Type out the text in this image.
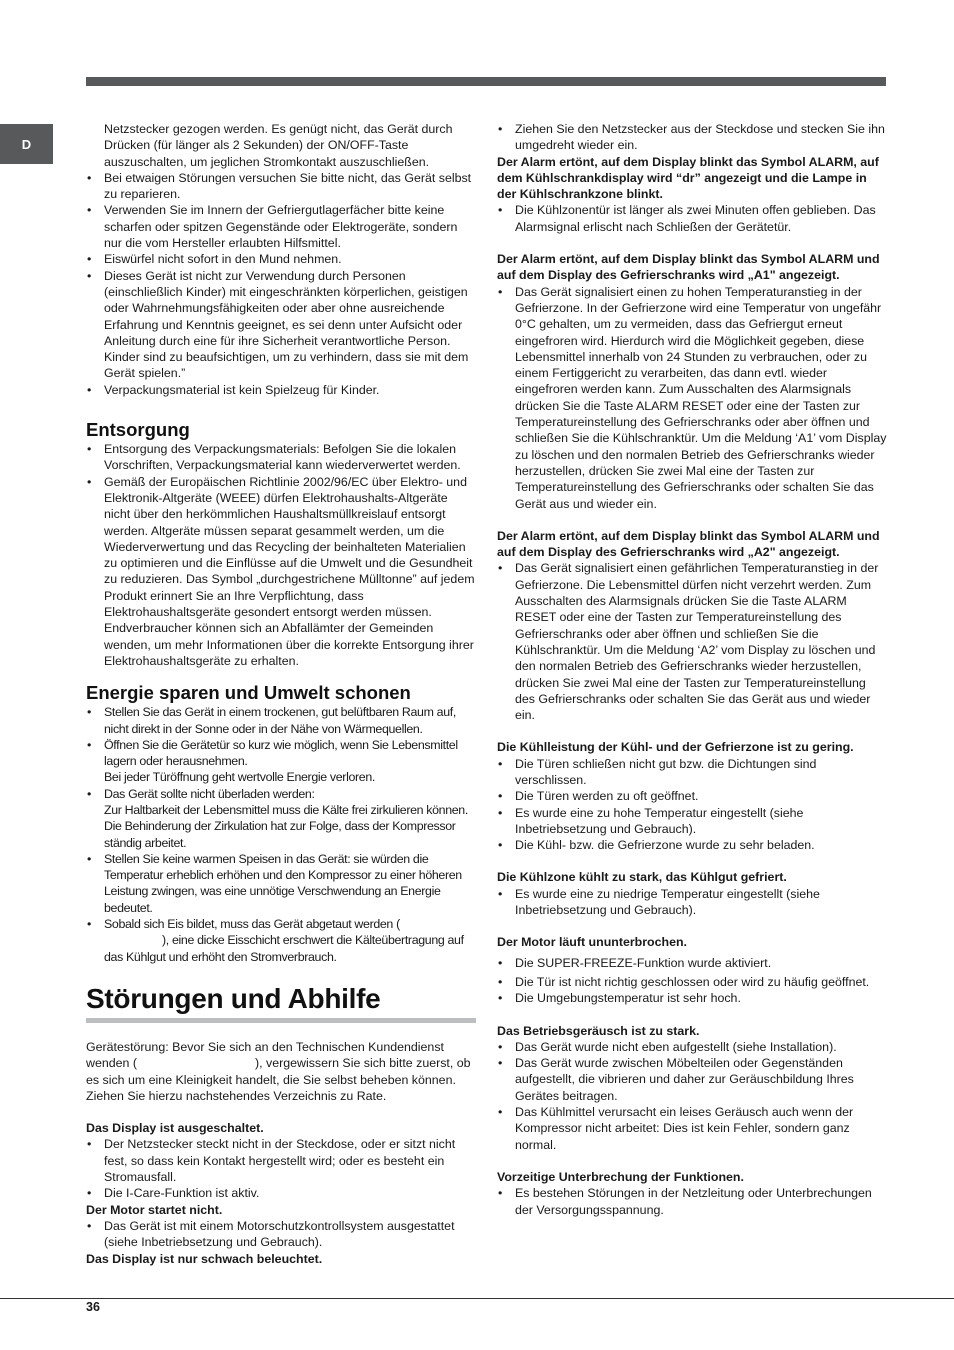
D

Netzstecker gezogen werden. Es genügt nicht, das Gerät durch Drücken (für länger als 2 Sekunden) der ON/OFF-Taste auszuschalten, um jeglichen Stromkontakt auszuschließen.

• Bei etwaigen Störungen versuchen Sie bitte nicht, das Gerät selbst zu reparieren.
• Verwenden Sie im Innern der Gefriergutlagerfächer bitte keine scharfen oder spitzen Gegenstände oder Elektrogeräte, sondern nur die vom Hersteller erlaubten Hilfsmittel.
• Eiswürfel nicht sofort in den Mund nehmen.
• Dieses Gerät ist nicht zur Verwendung durch Personen (einschließlich Kinder) mit eingeschränkten körperlichen, geistigen oder Wahrnehmungsfähigkeiten oder aber ohne ausreichende Erfahrung und Kenntnis geeignet, es sei denn unter Aufsicht oder Anleitung durch eine für ihre Sicherheit verantwortliche Person. Kinder sind zu beaufsichtigen, um zu verhindern, dass sie mit dem Gerät spielen.”
• Verpackungsmaterial ist kein Spielzeug für Kinder.
Entsorgung
• Entsorgung des Verpackungsmaterials: Befolgen Sie die lokalen Vorschriften, Verpackungsmaterial kann wiederverwertet werden.
• Gemäß der Europäischen Richtlinie 2002/96/EC über Elektro- und Elektronik-Altgeräte (WEEE) dürfen Elektrohaushalts-Altgeräte nicht über den herkömmlichen Haushaltsmüllkreislauf entsorgt werden. Altgeräte müssen separat gesammelt werden, um die Wiederverwertung und das Recycling der beinhalteten Materialien zu optimieren und die Einflüsse auf die Umwelt und die Gesundheit zu reduzieren. Das Symbol „durchgestrichene Mülltonne” auf jedem Produkt erinnert Sie an Ihre Verpflichtung, dass Elektrohaushaltsgeräte gesondert entsorgt werden müssen.

Endverbraucher können sich an Abfallämter der Gemeinden wenden, um mehr Informationen über die korrekte Entsorgung ihrer Elektrohaushaltsgeräte zu erhalten.

Energie sparen und Umwelt schonen
• Stellen Sie das Gerät in einem trockenen, gut belüftbaren Raum auf, nicht direkt in der Sonne oder in der Nähe von Wärmequellen.
• Öffnen Sie die Gerätetür so kurz wie möglich, wenn Sie Lebensmittel lagern oder herausnehmen.
Bei jeder Türöffnung geht wertvolle Energie verloren.
• Das Gerät sollte nicht überladen werden:
Zur Haltbarkeit der Lebensmittel muss die Kälte frei zirkulieren können. Die Behinderung der Zirkulation hat zur Folge, dass der Kompressor ständig arbeitet.
• Stellen Sie keine warmen Speisen in das Gerät: sie würden die Temperatur erheblich erhöhen und den Kompressor zu einer höheren Leistung zwingen, was eine unnötige Verschwendung an Energie bedeutet.
• Sobald sich Eis bildet, muss das Gerät abgetaut werden (
), eine dicke Eisschicht erschwert die Kälteübertragung auf das Kühlgut und erhöht den Stromverbrauch.
Störungen und Abhilfe

Gerätestörung: Bevor Sie sich an den Technischen Kundendienst wenden (	), vergewissern Sie sich bitte zuerst, ob es sich um eine Kleinigkeit handelt, die Sie selbst beheben können. Ziehen Sie hierzu nachstehendes Verzeichnis zu Rate.

Das Display ist ausgeschaltet.

• Der Netzstecker steckt nicht in der Steckdose, oder er sitzt nicht fest, so dass kein Kontakt hergestellt wird; oder es besteht ein Stromausfall.
• Die I-Care-Funktion ist aktiv.

Der Motor startet nicht.

• Das Gerät ist mit einem Motorschutzkontrollsystem ausgestattet (siehe Inbetriebsetzung und Gebrauch).

Das Display ist nur schwach beleuchtet.

• Ziehen Sie den Netzstecker aus der Steckdose und stecken Sie ihn umgedreht wieder ein.

Der Alarm ertönt, auf dem Display blinkt das Symbol ALARM, auf dem Kühlschrankdisplay wird “dr” angezeigt und die Lampe in der Kühlschrankzone blinkt.

• Die Kühlzonentür ist länger als zwei Minuten offen geblieben. Das Alarmsignal erlischt nach Schließen der Gerätetür.

Der Alarm ertönt, auf dem Display blinkt das Symbol ALARM und auf dem Display des Gefrierschranks wird „A1" angezeigt.

• Das Gerät signalisiert einen zu hohen Temperaturanstieg in der Gefrierzone. In der Gefrierzone wird eine Temperatur von ungefähr 0°C gehalten, um zu vermeiden, dass das Gefriergut erneut eingefroren wird. Hierdurch wird die Möglichkeit gegeben, diese Lebensmittel innerhalb von 24 Stunden zu verbrauchen, oder zu einem Fertiggericht zu verarbeiten, das dann evtl. wieder eingefroren werden kann. Zum Ausschalten des Alarmsignals drücken Sie die Taste ALARM RESET oder eine der Tasten zur Temperatureinstellung des Gefrierschranks oder aber öffnen und schließen Sie die Kühlschranktür. Um die Meldung ‘A1’ vom Display zu löschen und den normalen Betrieb des Gefrierschranks wieder herzustellen, drücken Sie zwei Mal eine der Tasten zur Temperatureinstellung des Gefrierschranks oder schalten Sie das Gerät aus und wieder ein.

Der Alarm ertönt, auf dem Display blinkt das Symbol ALARM und auf dem Display des Gefrierschranks wird „A2" angezeigt.

• Das Gerät signalisiert einen gefährlichen Temperaturanstieg in der Gefrierzone. Die Lebensmittel dürfen nicht verzehrt werden. Zum Ausschalten des Alarmsignals drücken Sie die Taste ALARM RESET oder eine der Tasten zur Temperatureinstellung des Gefrierschranks oder aber öffnen und schließen Sie die Kühlschranktür. Um die Meldung ‘A2’ vom Display zu löschen und den normalen Betrieb des Gefrierschranks wieder herzustellen, drücken Sie zwei Mal eine der Tasten zur Temperatureinstellung des Gefrierschranks oder schalten Sie das Gerät aus und wieder ein.

Die Kühlleistung der Kühl- und der Gefrierzone ist zu gering.

• Die Türen schließen nicht gut bzw. die Dichtungen sind verschlissen.
• Die Türen werden zu oft geöffnet.
• Es wurde eine zu hohe Temperatur eingestellt (siehe Inbetriebsetzung und Gebrauch).
• Die Kühl- bzw. die Gefrierzone wurde zu sehr beladen.

Die Kühlzone kühlt zu stark, das Kühlgut gefriert.

• Es wurde eine zu niedrige Temperatur eingestellt (siehe Inbetriebsetzung und Gebrauch).

Der Motor läuft ununterbrochen.

• Die SUPER-FREEZE-Funktion wurde aktiviert.
• Die Tür ist nicht richtig geschlossen oder wird zu häufig geöffnet.
• Die Umgebungstemperatur ist sehr hoch.

Das Betriebsgeräusch ist zu stark.

• Das Gerät wurde nicht eben aufgestellt (siehe Installation).
• Das Gerät wurde zwischen Möbelteilen oder Gegenständen aufgestellt, die vibrieren und daher zur Geräuschbildung Ihres Gerätes beitragen.
• Das Kühlmittel verursacht ein leises Geräusch auch wenn der Kompressor nicht arbeitet: Dies ist kein Fehler, sondern ganz normal.

Vorzeitige Unterbrechung der Funktionen.

• Es bestehen Störungen in der Netzleitung oder Unterbrechungen der Versorgungsspannung.
36
